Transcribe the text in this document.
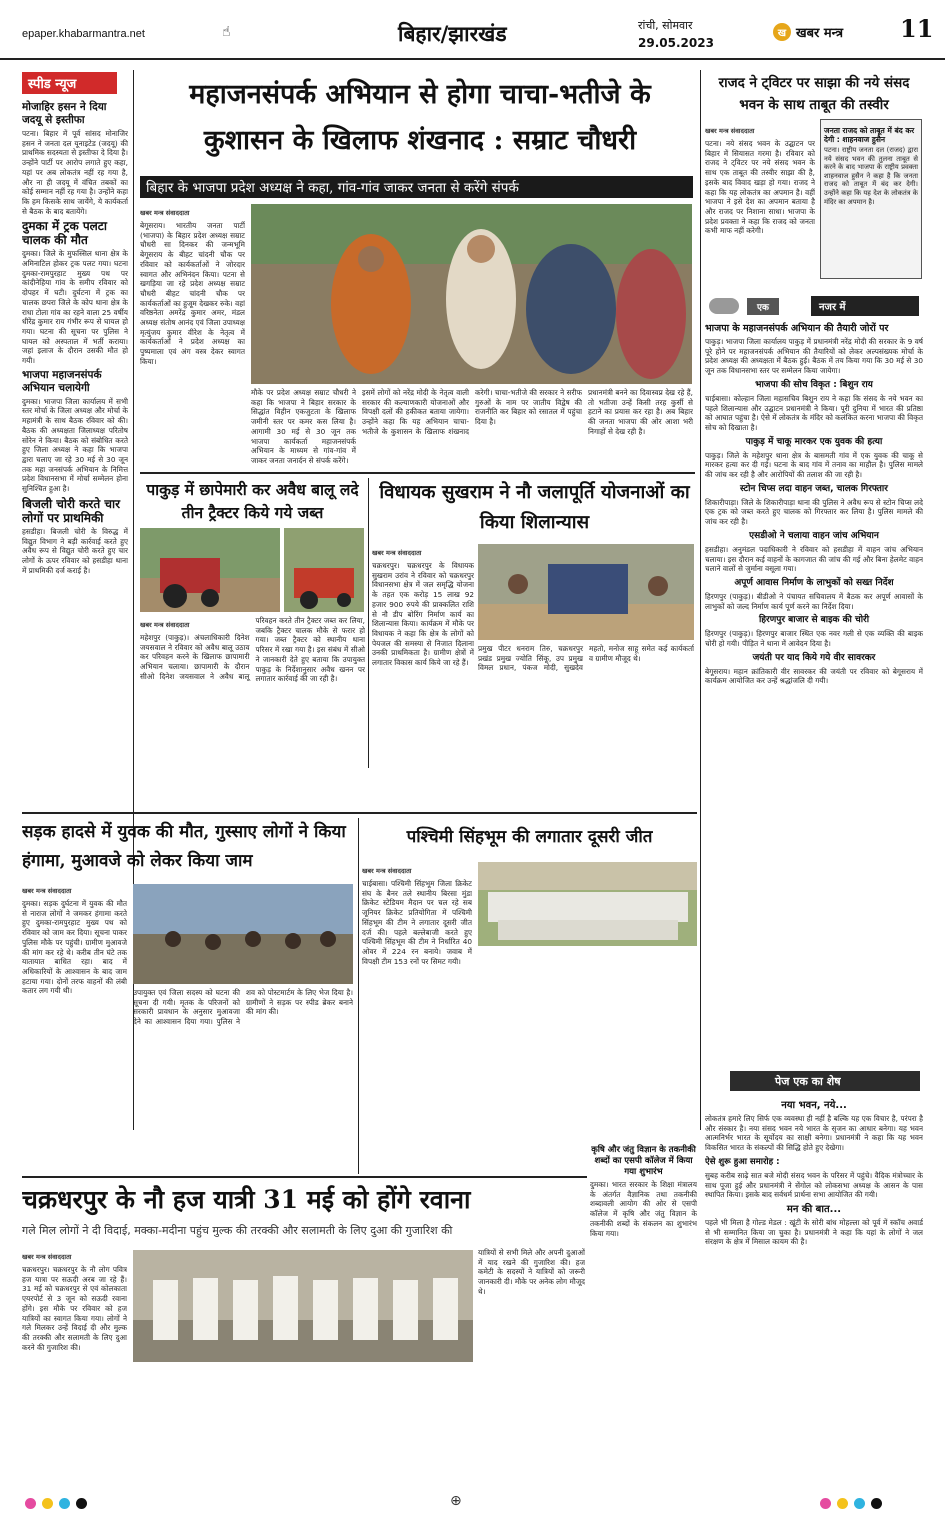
epaper.khabarmantra.net	☝	बिहार/झारखंड	रांची, सोमवार
29.05.2023
ख खबर मन्त्र 11
स्पीड न्यूज
मोजाहिर हसन ने दिया जदयू से इस्तीफा
पटना। बिहार में पूर्व सांसद मोनाजिर हसन ने जनता दल यूनाइटेड (जदयू) की प्राथमिक सदस्यता से इस्तीफा दे दिया है। उन्होंने पार्टी पर आरोप लगाते हुए कहा, यहां पर अब लोकतंत्र नहीं रह गया है, और ना ही जदयू में वंचित तबकों का कोई सम्मान नहीं रह गया है। उन्होंने कहा कि हम किसके साथ जायेंगे, ये कार्यकर्ता से बैठक के बाद बतायेंगे।
दुमका में ट्रक पलटा चालक की मौत
दुमका। जिले के मुफस्सिल थाना क्षेत्र के अमिनाटिल होकर ट्रक पलट गया। घटना दुमका-रामपुरहाट मुख्य पथ पर कांदीनेहिया गांव के समीप रविवार को दोपहर में घटी। दुर्घटना में ट्रक का चालक छपरा जिले के कोप थाना क्षेत्र के राधा टोला गांव का रहने वाला 25 वर्षीय धीरेंद्र कुमार राय गंभीर रूप से घायल हो गया। घटना की सूचना पर पुलिस ने घायल को अस्पताल में भर्ती कराया। जहां इलाज के दौरान उसकी मौत हो गयी।
भाजपा महाजनसंपर्क अभियान चलायेगी
दुमका। भाजपा जिला कार्यालय में सभी स्तर मोर्चा के जिला अध्यक्ष और मोर्चा के महामंत्री के साथ बैठक रविवार को की। बैठक की अध्यक्षता जिलाध्यक्ष परितोष सोरेन ने किया। बैठक को संबोधित करते हुए जिला अध्यक्ष ने कहा कि भाजपा द्वारा चलाए जा रहे 30 मई से 30 जून तक महा जनसंपर्क अभियान के निमित्त प्रदेश विधानसभा में मोर्चा सम्मेलन होना सुनिश्चित हुआ है।
बिजली चोरी करते चार लोगों पर प्राथमिकी
हसडीहा। बिजली चोरी के विरुद्ध में विद्युत विभाग ने बड़ी कार्रवाई करते हुए अवैध रूप से विद्युत चोरी करते हुए चार लोगों के ऊपर रविवार को हसडीहा थाना में प्राथमिकी दर्ज कराई है।
महाजनसंपर्क अभियान से होगा चाचा-भतीजे के
कुशासन के खिलाफ शंखनाद : सम्राट चौधरी
बिहार के भाजपा प्रदेश अध्यक्ष ने कहा, गांव-गांव जाकर जनता से करेंगे संपर्क
खबर मन्त्र संवाददाता
बेगूसराय। भारतीय जनता पार्टी (भाजपा) के बिहार प्रदेश अध्यक्ष सम्राट चौधरी सा दिनकर की जन्मभूमि बेगूसराय के बीहट चांदनी चौक पर रविवार को कार्यकर्ताओं ने जोरदार स्वागत और अभिनंदन किया। पटना से खगड़िया जा रहे प्रदेश अध्यक्ष सम्राट चौधरी बीहट चांदनी चौक पर कार्यकर्ताओं का हुजूम देखकर रुके। वहां वरिष्ठनेता अमरेंद्र कुमार अमर, मंडल अध्यक्ष संतोष आनंद एवं जिला उपाध्यक्ष मृत्युंजय कुमार वीरेश के नेतृत्व में कार्यकर्ताओं ने प्रदेश अध्यक्ष का पुष्पमाला एवं अंग वस्त्र देकर स्वागत किया।
मौके पर प्रदेश अध्यक्ष सम्राट चौधरी ने कहा कि भाजपा ने बिहार सरकार के सिद्धांत विहीन एकजुटता के खिलाफ जमीनी स्तर पर कमर कस लिया है। आगामी 30 मई से 30 जून तक भाजपा कार्यकर्ता महाजनसंपर्क अभियान के माध्यम से गांव-गांव में जाकर जनता जनार्दन से संपर्क करेंगे।
इसमें लोगों को नरेंद्र मोदी के नेतृत्व वाली सरकार की कल्याणकारी योजनाओं और विपक्षी दलों की हकीकत बताया जायेगा। उन्होंने कहा कि यह अभियान चाचा-भतीजे के कुशासन के खिलाफ शंखनाद करेगी। चाचा-भतीजे की सरकार ने सरीफ गुरुओं के नाम पर जातीय विद्वेष की राजनीति कर बिहार को रसातल में पहुंचा दिया है।
प्रधानमंत्री बनने का दिवास्वप्न देख रहे हैं, तो भतीजा उन्हें किसी तरह कुर्सी से हटाने का प्रयास कर रहा है। अब बिहार की जनता भाजपा की ओर आशा भरी निगाहों से देख रही है।
राजद ने ट्विटर पर साझा की नये संसद भवन के साथ ताबूत की तस्वीर
खबर मन्त्र संवाददाता
पटना। नये संसद भवन के उद्घाटन पर बिहार में सियासत गरमा है। रविवार को राजद ने ट्विटर पर नये संसद भवन के साथ एक ताबूत की तस्वीर साझा की है, इसके बाद विवाद खड़ा हो गया। राजद ने कहा कि यह लोकतंत्र का अपमान है। वहीं भाजपा ने इसे देश का अपमान बताया है और राजद पर निशाना साधा। भाजपा के प्रदेश प्रवक्ता ने कहा कि राजद को जनता कभी माफ नहीं करेगी।
जनता राजद को ताबूत में बंद कर देगी : शाहनवाज हुसैन
पटना। राष्ट्रीय जनता दल (राजद) द्वारा नये संसद भवन की तुलना ताबूत से करने के बाद भाजपा के राष्ट्रीय प्रवक्ता शाहनवाज हुसैन ने कहा है कि जनता राजद को ताबूत में बंद कर देगी। उन्होंने कहा कि यह देश के लोकतंत्र के मंदिर का अपमान है।
एक	नजर में
भाजपा के महाजनसंपर्क अभियान की तैयारी जोरों पर
पाकुड़। भाजपा जिला कार्यालय पाकुड़ में प्रधानमंत्री नरेंद्र मोदी की सरकार के 9 वर्ष पूरे होने पर महाजनसंपर्क अभियान की तैयारियों को लेकर अल्पसंख्यक मोर्चा के प्रदेश अध्यक्ष की अध्यक्षता में बैठक हुई। बैठक में तय किया गया कि 30 मई से 30 जून तक विधानसभा स्तर पर सम्मेलन किया जायेगा।
भाजपा की सोच विकृत : बिशुन राय
चाईबासा। कोल्हान जिला महासचिव बिशुन राय ने कहा कि संसद के नये भवन का पहले शिलान्यास और उद्घाटन प्रधानमंत्री ने किया। पूरी दुनिया में भारत की प्रतिष्ठा को आघात पहुंचा है। ऐसे में लोकतंत्र के मंदिर को कलंकित करना भाजपा की विकृत सोच को दिखाता है।
पाकुड़ में चाकू मारकर एक युवक की हत्या
पाकुड़। जिले के महेशपुर थाना क्षेत्र के बासमती गांव में एक युवक की चाकू से मारकर हत्या कर दी गई। घटना के बाद गांव में तनाव का माहौल है। पुलिस मामले की जांच कर रही है और आरोपियों की तलाश की जा रही है।
स्टोन चिप्स लदा वाहन जब्त, चालक गिरफ्तार
शिकारीपाड़ा। जिले के शिकारीपाड़ा थाना की पुलिस ने अवैध रूप से स्टोन चिप्स लदे एक ट्रक को जब्त करते हुए चालक को गिरफ्तार कर लिया है। पुलिस मामले की जांच कर रही है।
एसडीओ ने चलाया वाहन जांच अभियान
हसडीहा। अनुमंडल पदाधिकारी ने रविवार को हसडीहा में वाहन जांच अभियान चलाया। इस दौरान कई वाहनों के कागजात की जांच की गई और बिना हेलमेट वाहन चलाने वालों से जुर्माना वसूला गया।
अपूर्ण आवास निर्माण के लाभुकों को सख्त निर्देश
हिरणपुर (पाकुड़)। बीडीओ ने पंचायत सचिवालय में बैठक कर अपूर्ण आवासों के लाभुकों को जल्द निर्माण कार्य पूर्ण करने का निर्देश दिया।
हिरणपुर बाजार से बाइक की चोरी
हिरणपुर (पाकुड़)। हिरणपुर बाजार स्थित एक नवर गली से एक व्यक्ति की बाइक चोरी हो गयी। पीड़ित ने थाना में आवेदन दिया है।
जयंती पर याद किये गये वीर सावरकर
बेगूसराय। महान क्रांतिकारी वीर सावरकर की जयंती पर रविवार को बेगूसराय में कार्यक्रम आयोजित कर उन्हें श्रद्धांजलि दी गयी।
पाकुड़ में छापेमारी कर अवैध बालू लदे तीन ट्रैक्टर किये गये जब्त
खबर मन्त्र संवाददाता
महेशपुर (पाकुड़)। अंचलाधिकारी दिनेश जयसवाल ने रविवार को अवैध बालू उठाव कर परिवहन करने के खिलाफ छापामारी अभियान चलाया। छापामारी के दौरान सीओ दिनेश जयसवाल ने अवैध बालू परिवहन करते तीन ट्रैक्टर जब्त कर लिया, जबकि ट्रैक्टर चालक मौके से फरार हो गया। जब्त ट्रैक्टर को स्थानीय थाना परिसर में रखा गया है। इस संबंध में सीओ ने जानकारी देते हुए बताया कि उपायुक्त पाकुड़ के निर्देशानुसार अवैध खनन पर लगातार कार्रवाई की जा रही है।
विधायक सुखराम ने नौ जलापूर्ति योजनाओं का किया शिलान्यास
खबर मन्त्र संवाददाता
चक्रधरपुर। चक्रधरपुर के विधायक सुखराम उरांव ने रविवार को चक्रधरपुर विधानसभा क्षेत्र में जल समृद्धि योजना के तहत एक करोड़ 15 लाख 92 हजार 900 रुपये की प्राक्कलित राशि से नौ डीप बोरिंग निर्माण कार्य का शिलान्यास किया। कार्यक्रम में मौके पर विधायक ने कहा कि क्षेत्र के लोगों को पेयजल की समस्या से निजात दिलाना उनकी प्राथमिकता है। ग्रामीण क्षेत्रों में लगातार विकास कार्य किये जा रहे हैं।
प्रमुख पीटर धनराम तिरु, चक्रधरपुर प्रखंड प्रमुख ज्योति सिंकू, उप प्रमुख विमल प्रधान, पंकज मोदी, सुखदेव महतो, मनोज साहू समेत कई कार्यकर्ता व ग्रामीण मौजूद थे।
सड़क हादसे में युवक की मौत, गुस्साए लोगों ने किया हंगामा, मुआवजे को लेकर किया जाम
खबर मन्त्र संवाददाता
दुमका। सड़क दुर्घटना में युवक की मौत से नाराज लोगों ने जमकर हंगामा करते हुए दुमका-रामपुरहाट मुख्य पथ को रविवार को जाम कर दिया। सूचना पाकर पुलिस मौके पर पहुंची। ग्रामीण मुआवजे की मांग कर रहे थे। करीब तीन घंटे तक यातायात बाधित रहा। बाद में अधिकारियों के आश्वासन के बाद जाम हटाया गया। दोनों तरफ वाहनों की लंबी कतार लग गयी थी।	उपायुक्त एवं जिला सदस्य को घटना की सूचना दी गयी। मृतक के परिजनों को सरकारी प्रावधान के अनुसार मुआवजा देने का आश्वासन दिया गया। पुलिस ने शव को पोस्टमार्टम के लिए भेज दिया है। ग्रामीणों ने सड़क पर स्पीड ब्रेकर बनाने की मांग की।
पश्चिमी सिंहभूम की लगातार दूसरी जीत
खबर मन्त्र संवाददाता
चाईबासा। पश्चिमी सिंहभूम जिला क्रिकेट संघ के बैनर तले स्थानीय बिरसा मुंडा क्रिकेट स्टेडियम मैदान पर चल रहे सब जूनियर क्रिकेट प्रतियोगिता में पश्चिमी सिंहभूम की टीम ने लगातार दूसरी जीत दर्ज की। पहले बल्लेबाजी करते हुए पश्चिमी सिंहभूम की टीम ने निर्धारित 40 ओवर में 224 रन बनाये। जवाब में विपक्षी टीम 153 रनों पर सिमट गयी।
कृषि और जंतु विज्ञान के तकनीकी शब्दों का एसपी कॉलेज में किया गया शुभारंभ
दुमका। भारत सरकार के शिक्षा मंत्रालय के अंतर्गत वैज्ञानिक तथा तकनीकी शब्दावली आयोग की ओर से एसपी कॉलेज में कृषि और जंतु विज्ञान के तकनीकी शब्दों के संकलन का शुभारंभ किया गया।
चक्रधरपुर के नौ हज यात्री 31 मई को होंगे रवाना
गले मिल लोगों ने दी विदाई, मक्का-मदीना पहुंच मुल्क की तरक्की और सलामती के लिए दुआ की गुजारिश की
खबर मन्त्र संवाददाता
चक्रधरपुर। चक्रधरपुर के नौ लोग पवित्र हज यात्रा पर सऊदी अरब जा रहे हैं। 31 मई को चक्रधरपुर से एवं कोलकाता एयरपोर्ट से 3 जून को सऊदी रवाना होंगे। इस मौके पर रविवार को हज यात्रियों का स्वागत किया गया। लोगों ने गले मिलकर उन्हें विदाई दी और मुल्क की तरक्की और सलामती के लिए दुआ करने की गुजारिश की।
यात्रियों से सभी मिले और अपनी दुआओं में याद रखने की गुजारिश की। हज कमेटी के सदस्यों ने यात्रियों को जरूरी जानकारी दी। मौके पर अनेक लोग मौजूद थे।
पेज एक का शेष
नया भवन, नये...
लोकतंत्र हमारे लिए सिर्फ एक व्यवस्था ही नहीं है बल्कि यह एक विचार है, परंपरा है और संस्कार है। नया संसद भवन नये भारत के सृजन का आधार बनेगा। यह भवन आत्मनिर्भर भारत के सूर्योदय का साक्षी बनेगा। प्रधानमंत्री ने कहा कि यह भवन विकसित भारत के संकल्पों की सिद्धि होते हुए देखेगा।
ऐसे शुरू हुआ समारोह :
सुबह करीब साढ़े सात बजे मोदी संसद भवन के परिसर में पहुंचे। वैदिक मंत्रोच्चार के साथ पूजा हुई और प्रधानमंत्री ने सेंगोल को लोकसभा अध्यक्ष के आसन के पास स्थापित किया। इसके बाद सर्वधर्म प्रार्थना सभा आयोजित की गयी।
मन की बात...
पहले भी मिला है गोल्ड मेडल : खूंटी के सोरी बांध मोहल्ला को पूर्व में स्कॉच अवार्ड से भी सम्मानित किया जा चुका है। प्रधानमंत्री ने कहा कि यहां के लोगों ने जल संरक्षण के क्षेत्र में मिसाल कायम की है।
⊕
